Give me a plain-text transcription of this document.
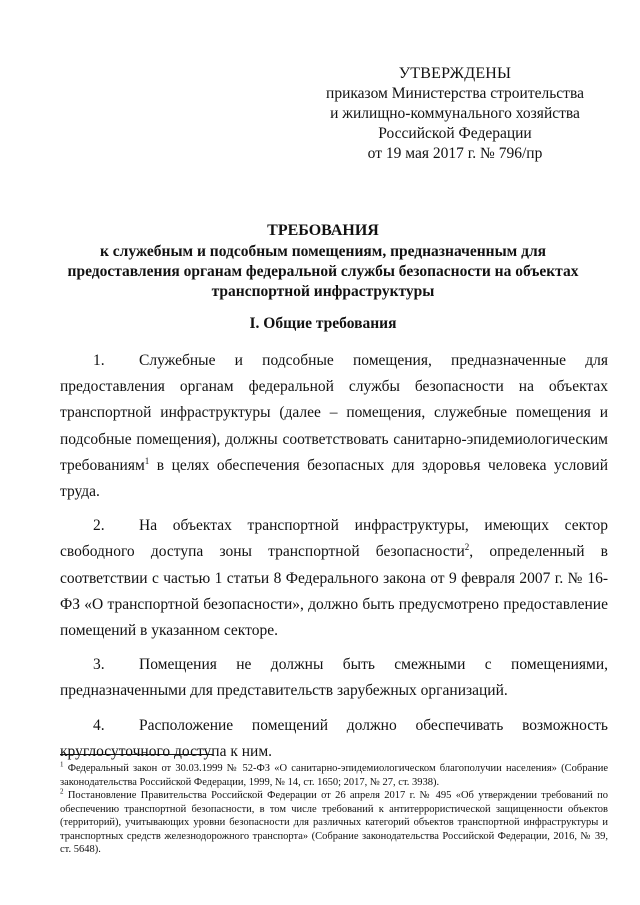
УТВЕРЖДЕНЫ
приказом Министерства строительства
и жилищно-коммунального хозяйства
Российской Федерации
от 19 мая 2017 г. № 796/пр
ТРЕБОВАНИЯ
к служебным и подсобным помещениям, предназначенным для предоставления органам федеральной службы безопасности на объектах транспортной инфраструктуры
I. Общие требования

1. Служебные и подсобные помещения, предназначенные для предоставления органам федеральной службы безопасности на объектах транспортной инфраструктуры (далее – помещения, служебные помещения и подсобные помещения), должны соответствовать санитарно-эпидемиологическим требованиям$^1$ в целях обеспечения безопасных для здоровья человека условий труда.

2. На объектах транспортной инфраструктуры, имеющих сектор свободного доступа зоны транспортной безопасности$^2$, определенный в соответствии с частью 1 статьи 8 Федерального закона от 9 февраля 2007 г. № 16-ФЗ «О транспортной безопасности», должно быть предусмотрено предоставление помещений в указанном секторе.

3. Помещения не должны быть смежными с помещениями, предназначенными для представительств зарубежных организаций.

4. Расположение помещений должно обеспечивать возможность круглосуточного доступа к ним.

$^1$ Федеральный закон от 30.03.1999 № 52-ФЗ «О санитарно-эпидемиологическом благополучии населения» (Собрание законодательства Российской Федерации, 1999, № 14, ст. 1650; 2017, № 27, ст. 3938).

$^2$ Постановление Правительства Российской Федерации от 26 апреля 2017 г. № 495 «Об утверждении требований по обеспечению транспортной безопасности, в том числе требований к антитеррористической защищенности объектов (территорий), учитывающих уровни безопасности для различных категорий объектов транспортной инфраструктуры и транспортных средств железнодорожного транспорта» (Собрание законодательства Российской Федерации, 2016, № 39, ст. 5648).
